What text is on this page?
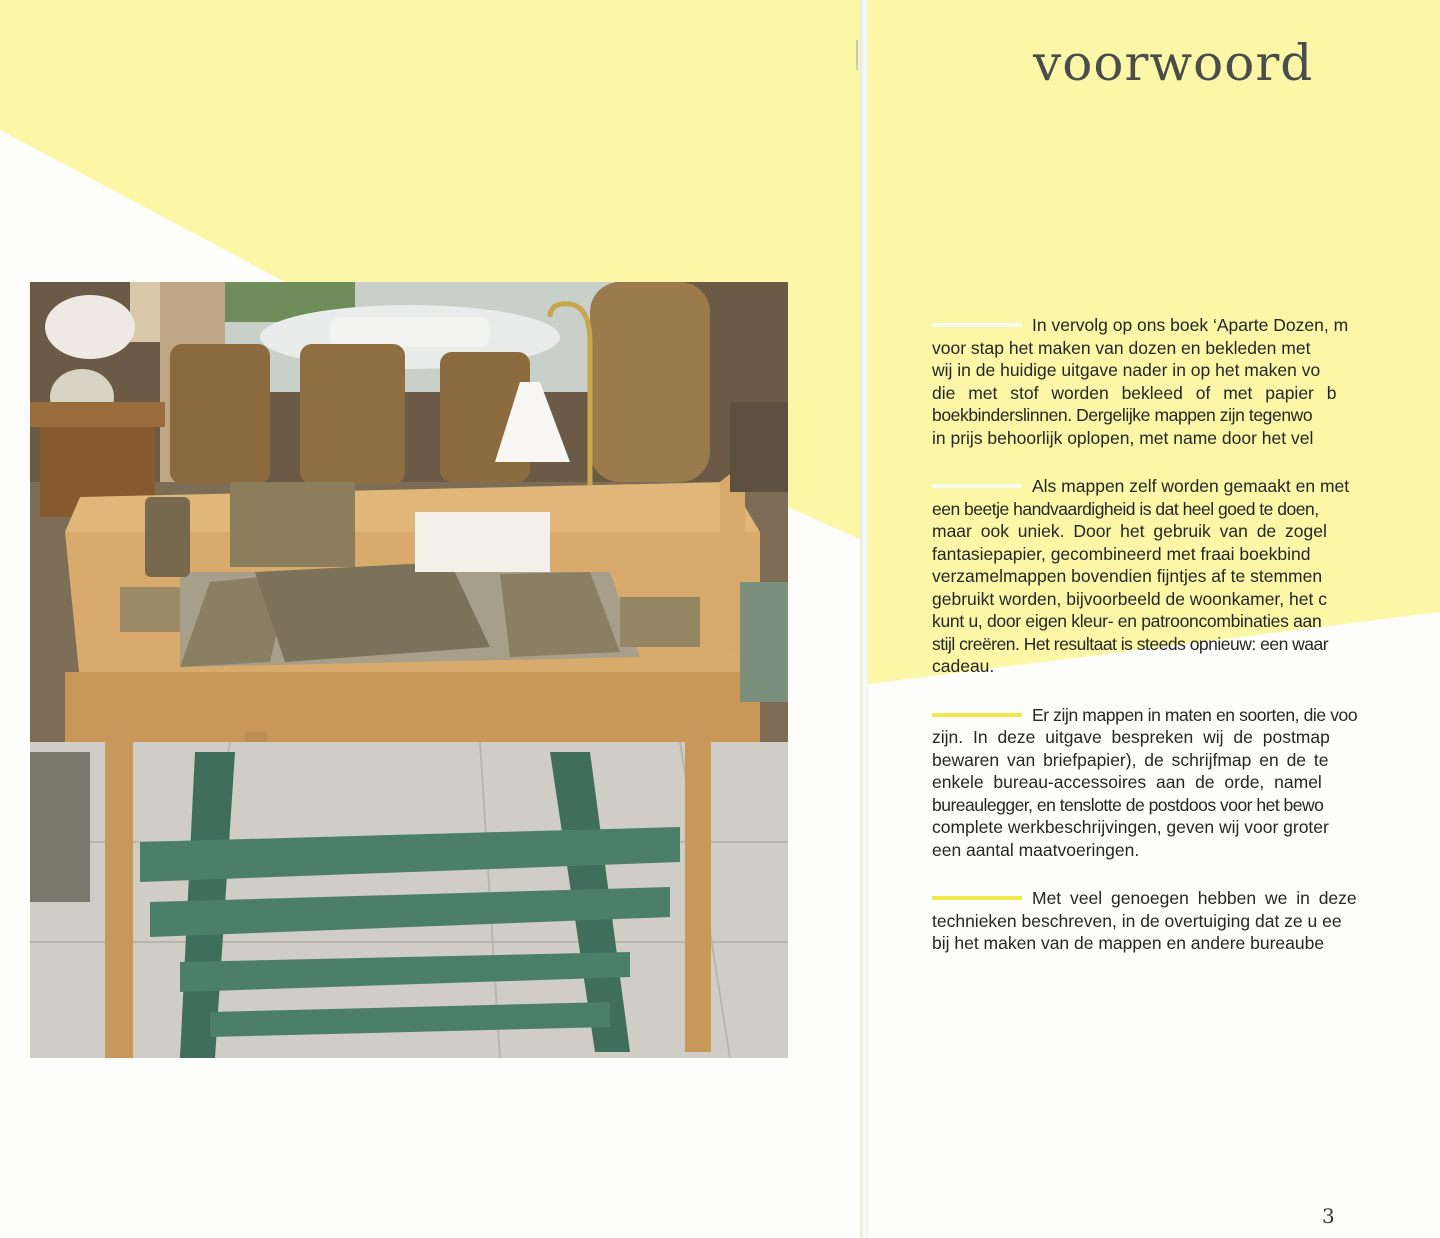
voorwoord
In vervolg op ons boek ‘Aparte Dozen, m
voor stap het maken van dozen en bekleden met
wij in de huidige uitgave nader in op het maken vo
die met stof worden bekleed of met papier b
boekbinderslinnen. Dergelijke mappen zijn tegenwo
in prijs behoorlijk oplopen, met name door het vel
Als mappen zelf worden gemaakt en met
een beetje handvaardigheid is dat heel goed te doen,
maar ook uniek. Door het gebruik van de zogel
fantasiepapier, gecombineerd met fraai boekbind
verzamelmappen bovendien fijntjes af te stemmen
gebruikt worden, bijvoorbeeld de woonkamer, het c
kunt u, door eigen kleur- en patrooncombinaties aan
stijl creëren. Het resultaat is steeds opnieuw: een waar
cadeau.
Er zijn mappen in maten en soorten, die voo
zijn. In deze uitgave bespreken wij de postmap
bewaren van briefpapier), de schrijfmap en de te
enkele bureau-accessoires aan de orde, namel
bureaulegger, en tenslotte de postdoos voor het bewo
complete werkbeschrijvingen, geven wij voor groter
een aantal maatvoeringen.
Met veel genoegen hebben we in deze
technieken beschreven, in de overtuiging dat ze u ee
bij het maken van de mappen en andere bureaube
3
